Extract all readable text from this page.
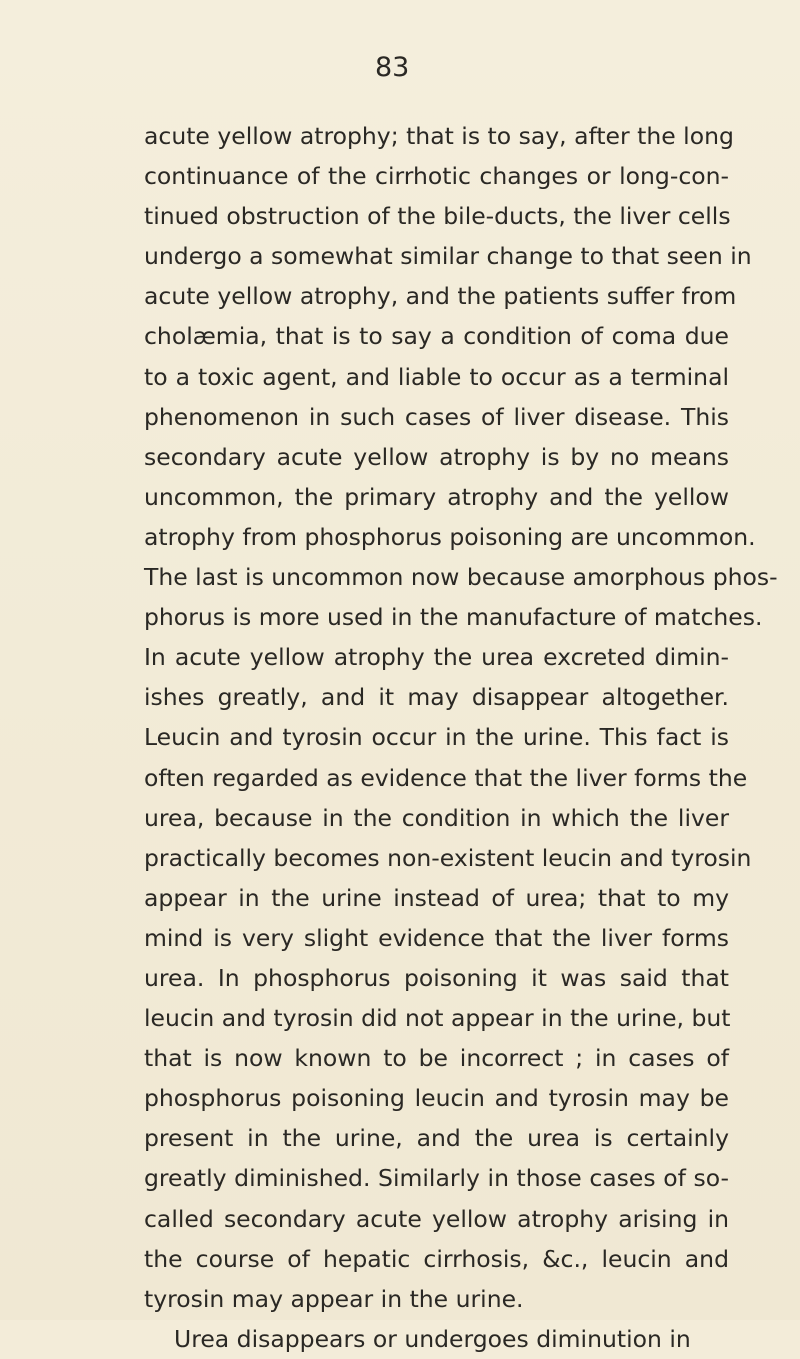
83
acute yellow atrophy; that is to say, after the long
continuance of the cirrhotic changes or long-con-
tinued obstruction of the bile-ducts, the liver cells
undergo a somewhat similar change to that seen in
acute yellow atrophy, and the patients suffer from
cholæmia, that is to say a condition of coma due
to a toxic agent, and liable to occur as a terminal
phenomenon in such cases of liver disease. This
secondary acute yellow atrophy is by no means
uncommon, the primary atrophy and the yellow
atrophy from phosphorus poisoning are uncommon.
The last is uncommon now because amorphous phos-
phorus is more used in the manufacture of matches.
In acute yellow atrophy the urea excreted dimin-
ishes greatly, and it may disappear altogether.
Leucin and tyrosin occur in the urine. This fact is
often regarded as evidence that the liver forms the
urea, because in the condition in which the liver
practically becomes non-existent leucin and tyrosin
appear in the urine instead of urea; that to my
mind is very slight evidence that the liver forms
urea. In phosphorus poisoning it was said that
leucin and tyrosin did not appear in the urine, but
that is now known to be incorrect ; in cases of
phosphorus poisoning leucin and tyrosin may be
present in the urine, and the urea is certainly
greatly diminished. Similarly in those cases of so-
called secondary acute yellow atrophy arising in
the course of hepatic cirrhosis, &c., leucin and
tyrosin may appear in the urine.
Urea disappears or undergoes diminution in
